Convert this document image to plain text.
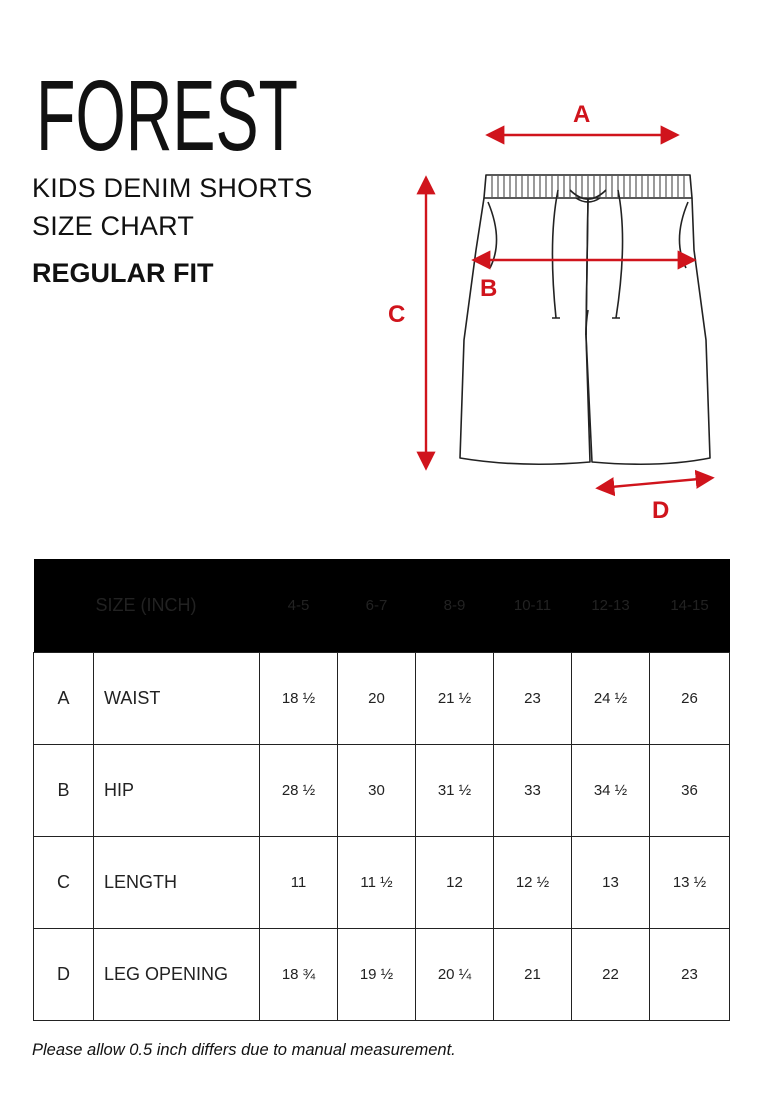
FOREST
KIDS DENIM SHORTS
SIZE CHART
REGULAR FIT
A
B
C
D
SIZE (INCH)		4-5	6-7	8-9	10-11	12-13	14-15
A	WAIST	18 ½	20	21 ½	23	24 ½	26
B	HIP	28 ½	30	31 ½	33	34 ½	36
C	LENGTH	11	11 ½	12	12 ½	13	13 ½
D	LEG OPENING	18 ¾	19 ½	20 ¼	21	22	23
Please allow 0.5 inch differs due to manual measurement.
